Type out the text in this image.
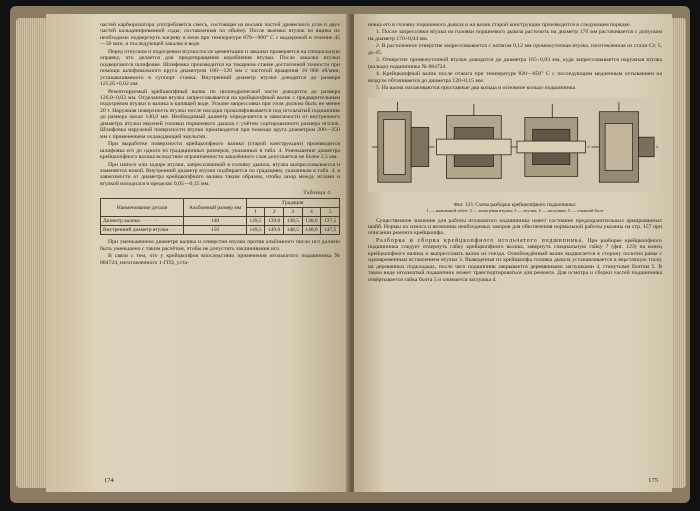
частей карбюризатора употребляется смесь, состоящая из восьми частей древесного угля и двух частей кальцинированной соды; составленная по объёму. После выемки втулок из ящика их необходимо подвергнуть нагреву в печи при температуре 870—900° С с выдержкой в течение 45—50 мин, и последующей закалке в воде.

Перед отпуском и подогревом втулка после цементации и закалки проверяется на специальную оправку, что делается для предотвращения коробления втулки. После закалки втулки подвергаются шлифовке. Шлифовка производится на токарном станке достаточной точности при помощи шлифовального круга диаметром 100—120 мм с частотой вращения 10 000 об/мин, устанавливаемого в суппорт станка. Внутренний диаметр втулки доводится до размера 125,85+0,02 мм.

Ремонтируемый крейцкопфный валик по цилиндрической части доводится до размера 126,0−0,03 мм. Отделанная втулка запрессовывается на крейцкопфный валик с предварительным подогревом втулки и валика в кипящей воде. Усилие запрессовки при этом должно быть не менее 20 т. Наружная поверхность втулки после насадки прошлифовывается под игольчатый подшипник до размера около 140,0 мм. Необходимый диаметр определяется в зависимости от внутреннего диаметра втулки верхней головки поршневого дышла с учётом сортированного размера иголок. Шлифовка наружной поверхности втулки производится при помощи круга диаметром 200—250 мм с применением охлаждающей эмульсии.

При выработке поверхности крейцкопфного валика (старой конструкции) производится шлифовка его до одного из градационных размеров, указанных в табл. 4. Уменьшение диаметра крейцкопфного валика вследствие ограниченности закалённого слоя допускается не более 2,5 мм.

При износе или задире втулки, запрессованной в головку дышла, втулка выпрессовывается и заменяется новой. Внутренний диаметр втулки подбирается по градациям, указанным в табл. 4, в зависимости от диаметра крейцкопфного валика таким образом, чтобы зазор между иглами и втулкой находился в пределах 0,05—0,15 мм.

Таблица 4.
Наименование детали	Альбомный размер мм	Градация				
		1	2	3	4	5
Диаметр валика · · · · · ·	140	139,5	139,0	138,5	138,0	137,5
Внутренний диаметр втулки · ·	150	149,5	149,0	148,5	148,0	147,5

При уменьшенном диаметре валика и отверстии втулки против альбомного число игл должно быть уменьшено с таким расчётом, чтобы не допустить заклинивания игл.

В связи с тем, что у крейцкопфов впоследствии применения игольчатого подшипника № 884724, изготовленного 1-ГПЗ, уста-

174

новка его в головку поршневого дышла и на валик старой конструкции производится в следующем порядке.

1. После запрессовки втулки из головки поршневого дышла расточить на диаметр 170 мм растачивается с допуском на диаметр 170+0,04 мм.

2. В расточенное отверстие запрессовывается с натягом 0,12 мм промежуточная втулка, изготовленная из стали Ст. 5, до 45.

3. Отверстие промежуточной втулки доводится до диаметра 165−0,03 мм, куда запрессовывается наружная втулка (кольцо) подшипника № 884724.

4. Крейцкопфный валик после отжига при температуре 820—850° С с последующим медленным остыванием на воздухе обтачивается до диаметра 120+0,15 мм.

5. На валик насаживаются проставные два кольца и основное кольцо подшипника.

Фиг. 123. Схема разборки крейцкопфного подшипника:
1 — нажимной valve; 2 — кольцевая втулка; 3 — втулка; 4 — заглушка; 5 — стяжной болт

Существенное значение для работы игольчатого подшипника имеет состояние предохранительных армированных шайб. Нормы их износа и величины необходимых зазоров для обеспечения нормальной работы указаны на стр. 157 при описании ремонта крейцкопфа.

Разборка и сборка крейцкопфного игольчатого подшипника. При разборке крейцкопфного подшипника следует отвернуть гайку крейцкопфного валика, завернуть специальную гайку 7 (фиг. 123) на конец крейцкопфного валика и выпрессовать валик из гнезда. Освобождённый валик выдвигается в сторону полотна рамы с одновременным вставлением втулки 3. Выведенная из крейцкопфа головка дышла устанавливается в верстачную тиску на деревянных подкладках, после чего подшипник закрывается деревянными заглушками 4, стянутыми болтом 5. В таком виде игольчатый подшипник может транспортироваться для ремонта. Для осмотра и сборки частей подшипника отвёртывается гайка болта 5 и снимается заглушка 4.

175
